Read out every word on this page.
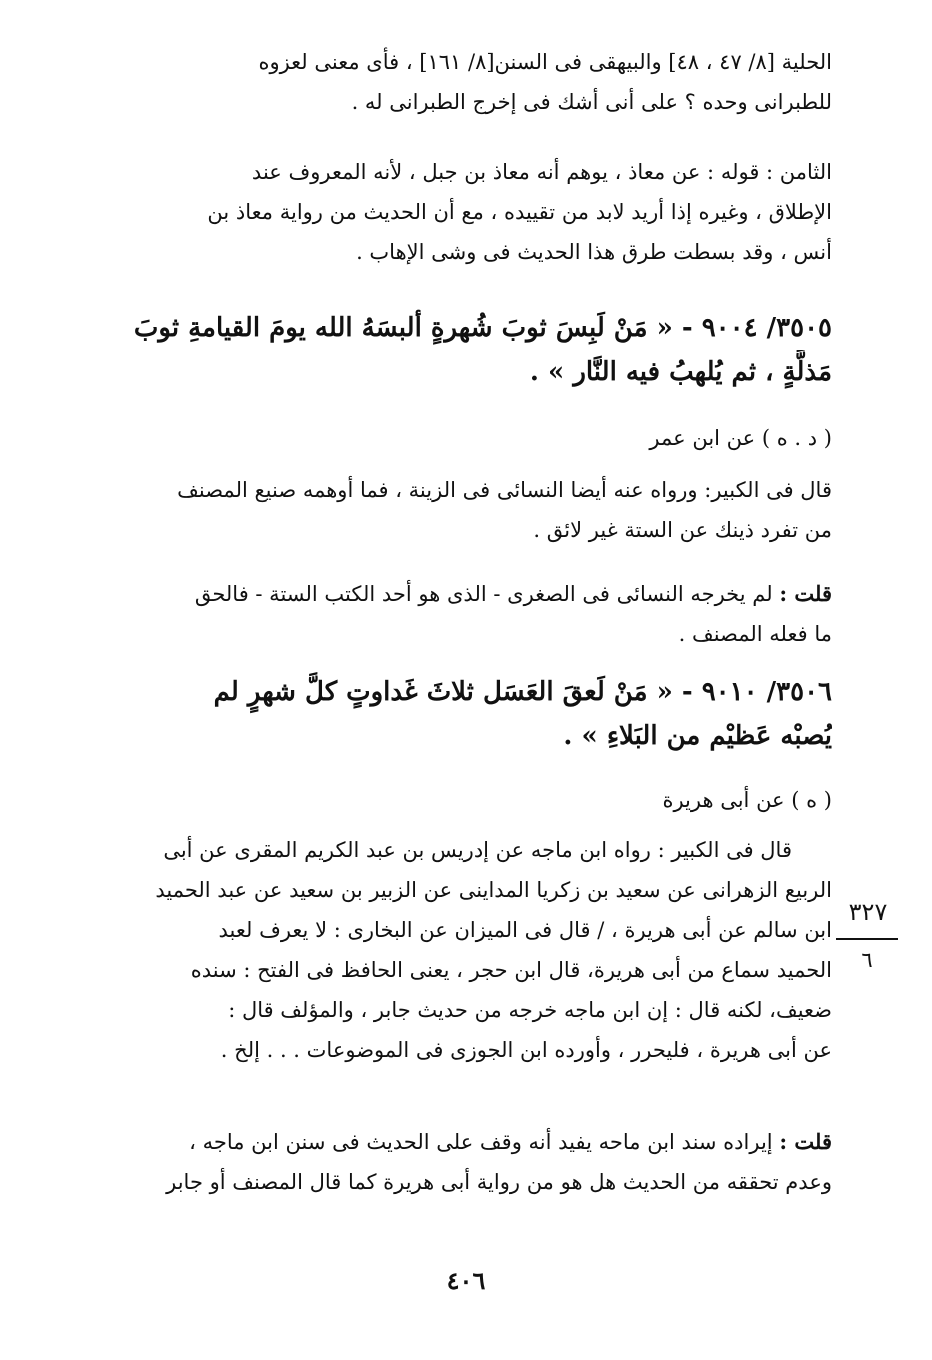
الحلية [٨/ ٤٧ ، ٤٨] والبيهقى فى السنن[٨/ ١٦١] ، فأى معنى لعزوه
للطبرانى وحده ؟ على أنى أشك فى إخرج الطبرانى له .
الثامن : قوله : عن معاذ ، يوهم أنه معاذ بن جبل ، لأنه المعروف عند
الإطلاق ، وغيره إذا أريد لابد من تقييده ، مع أن الحديث من رواية معاذ بن
أنس ، وقد بسطت طرق هذا الحديث فى وشى الإهاب .
٣٥٠٥/ ٩٠٠٤ - « مَنْ لَبِسَ ثوبَ شُهرةٍ ألبسَهُ الله يومَ القيامةِ ثوبَ
مَذلَّةٍ ، ثم يُلهبُ فيه النَّار » .
( د . ه ) عن ابن عمر
قال فى الكبير: ورواه عنه أيضا النسائى فى الزينة ، فما أوهمه صنيع المصنف
من تفرد ذينك عن الستة غير لائق .
قلت : لم يخرجه النسائى فى الصغرى - الذى هو أحد الكتب الستة - فالحق
ما فعله المصنف .
٣٥٠٦/ ٩٠١٠ - « مَنْ لَعقَ العَسَل ثلاثَ غَداوتٍ كلَّ شهرٍ لم
يُصبْه عَظيْم من البَلاءِ » .
( ه ) عن أبى هريرة
قال فى الكبير : رواه ابن ماجه عن إدريس بن عبد الكريم المقرى عن أبى
الربيع الزهرانى عن سعيد بن زكريا المداينى عن الزبير بن سعيد عن عبد الحميد
ابن سالم عن أبى هريرة ، / قال فى الميزان عن البخارى : لا يعرف لعبد
الحميد سماع من أبى هريرة، قال ابن حجر ، يعنى الحافظ فى الفتح : سنده
ضعيف، لكنه قال : إن ابن ماجه خرجه من حديث جابر ، والمؤلف قال :
عن أبى هريرة ، فليحرر ، وأورده ابن الجوزى فى الموضوعات . . . إلخ .
قلت : إيراده سند ابن ماحه يفيد أنه وقف على الحديث فى سنن ابن ماجه ،
وعدم تحققه من الحديث هل هو من رواية أبى هريرة كما قال المصنف أو جابر
٣٢٧
٦
٤٠٦
